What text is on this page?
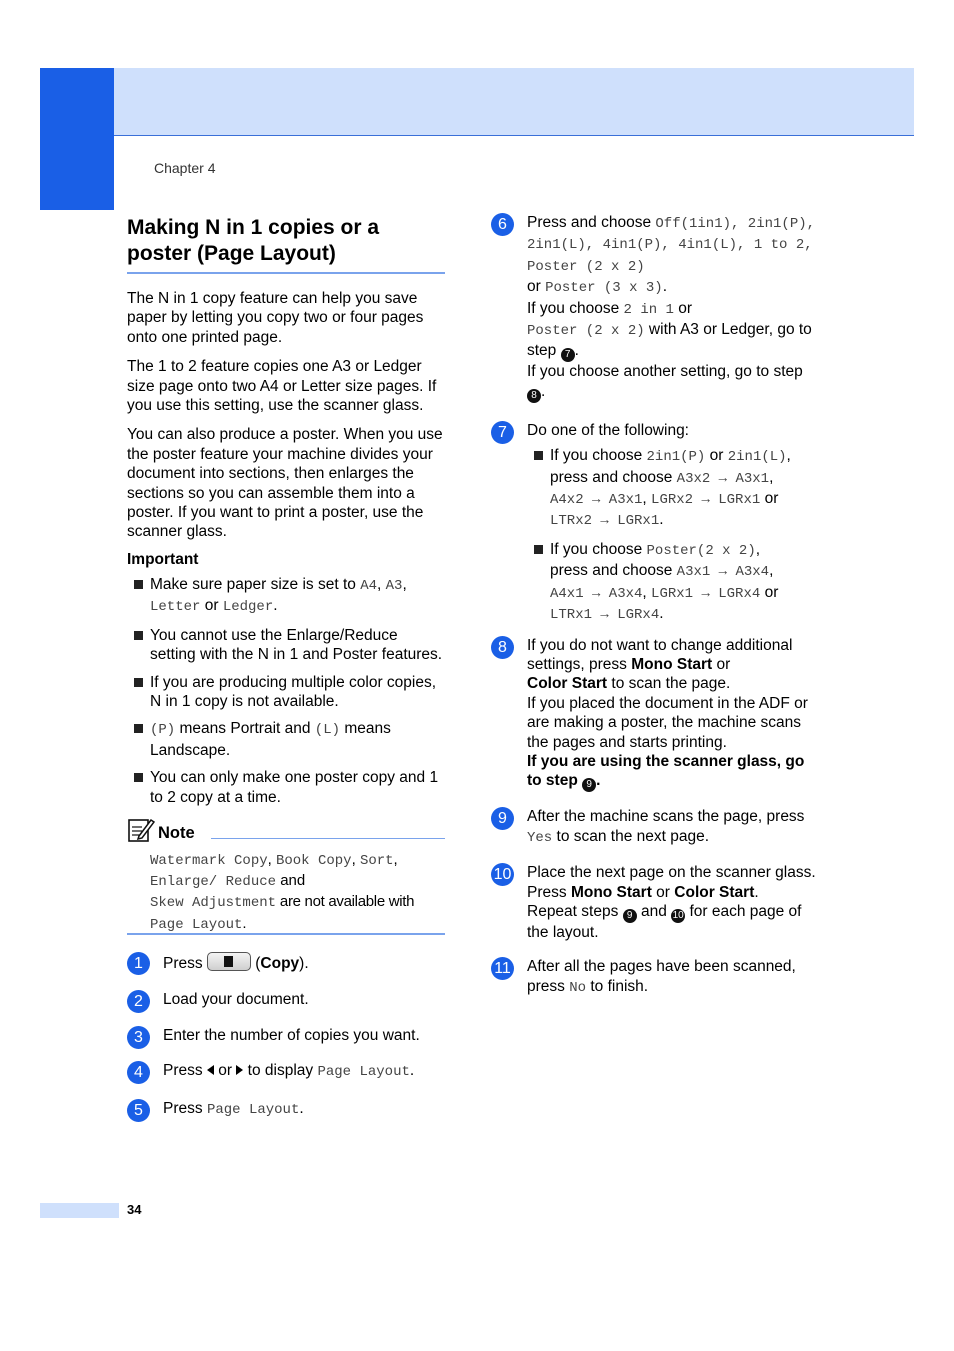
Chapter 4
Making N in 1 copies or a poster (Page Layout)

The N in 1 copy feature can help you save paper by letting you copy two or four pages onto one printed page.

The 1 to 2 feature copies one A3 or Ledger size page onto two A4 or Letter size pages. If you use this setting, use the scanner glass.

You can also produce a poster. When you use the poster feature your machine divides your document into sections, then enlarges the sections so you can assemble them into a poster. If you want to print a poster, use the scanner glass.

Important
Make sure paper size is set to A4, A3,
Letter or Ledger.
You cannot use the Enlarge/Reduce setting with the N in 1 and Poster features.
If you are producing multiple color copies, N in 1 copy is not available.
(P) means Portrait and (L) means Landscape.
You can only make one poster copy and 1 to 2 copy at a time.
Note
Watermark Copy, Book Copy, Sort,
Enlarge/ Reduce and
Skew Adjustment are not available with
Page Layout.
1	Press	(Copy).
2	Load your document.
3	Enter the number of copies you want.
4	Press  or  to display Page Layout.
5	Press Page Layout.
6	Press and choose Off(1in1), 2in1(P), 2in1(L), 4in1(P), 4in1(L), 1 to 2, Poster (2 x 2)
or Poster (3 x 3).
If you choose 2 in 1 or
Poster (2 x 2) with A3 or Ledger, go to step 7 .
If you choose another setting, go to step 8 .
7	Do one of the following:
If you choose 2in1(P) or 2in1(L),
press and choose A3x2 → A3x1,
A4x2 → A3x1, LGRx2 → LGRx1 or
LTRx2 → LGRx1.
If you choose Poster(2 x 2),
press and choose A3x1 → A3x4,
A4x1 → A3x4, LGRx1 → LGRx4 or
LTRx1 → LGRx4.
8	If you do not want to change additional settings, press Mono Start or
Color Start to scan the page.
If you placed the document in the ADF or are making a poster, the machine scans the pages and starts printing.
If you are using the scanner glass, go to step 9 .
9	After the machine scans the page, press Yes to scan the next page.
10 Place the next page on the scanner glass.
Press Mono Start or Color Start.
Repeat steps 9 and 10 for each page of the layout.
11 After all the pages have been scanned, press No to finish.
34
